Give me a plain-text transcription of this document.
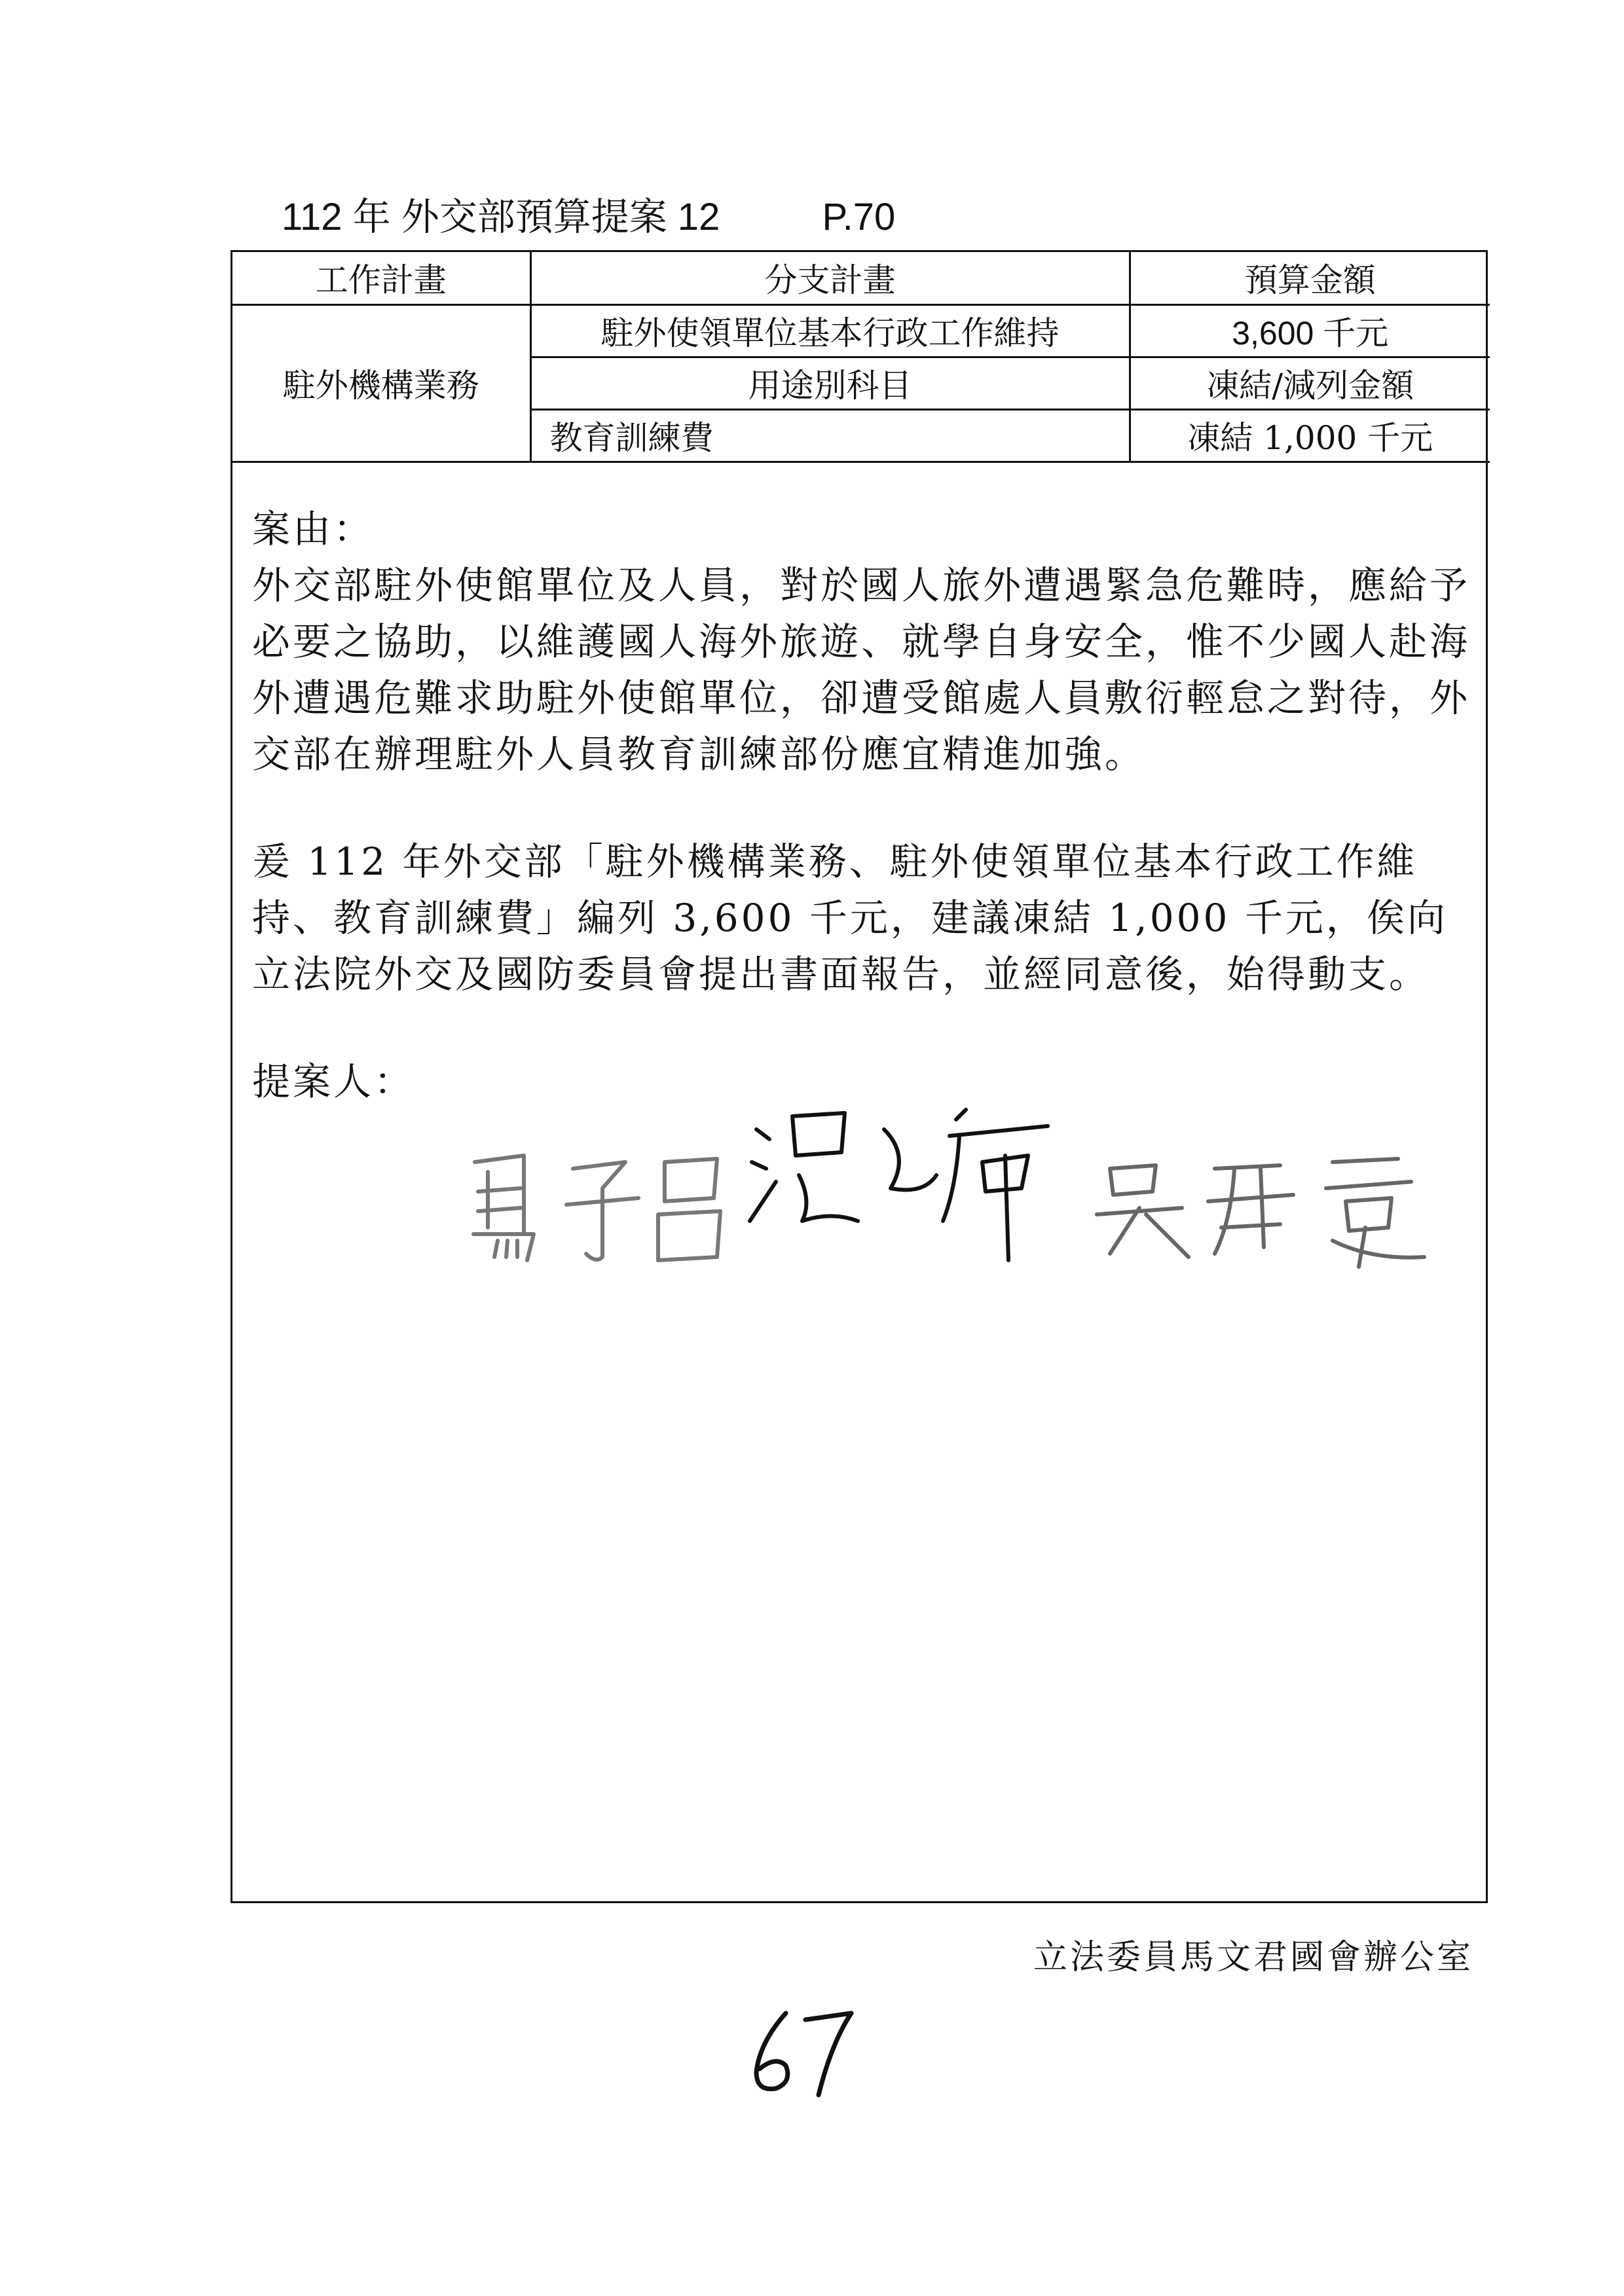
112 年 外交部預算提案 12	P.70
工作計畫	分支計畫	預算金額
駐外機構業務	駐外使領單位基本行政工作維持	3,600 千元
	用途別科目	凍結/減列金額
	教育訓練費	凍結 1,000 千元

案由：

外交部駐外使館單位及人員，對於國人旅外遭遇緊急危難時，應給予必要之協助，以維護國人海外旅遊、就學自身安全，惟不少國人赴海外遭遇危難求助駐外使館單位，卻遭受館處人員敷衍輕怠之對待，外交部在辦理駐外人員教育訓練部份應宜精進加強。

爰 112 年外交部「駐外機構業務、駐外使領單位基本行政工作維持、教育訓練費」編列 3,600 千元，建議凍結 1,000 千元，俟向立法院外交及國防委員會提出書面報告，並經同意後，始得動支。

提案人：

立法委員馬文君國會辦公室
